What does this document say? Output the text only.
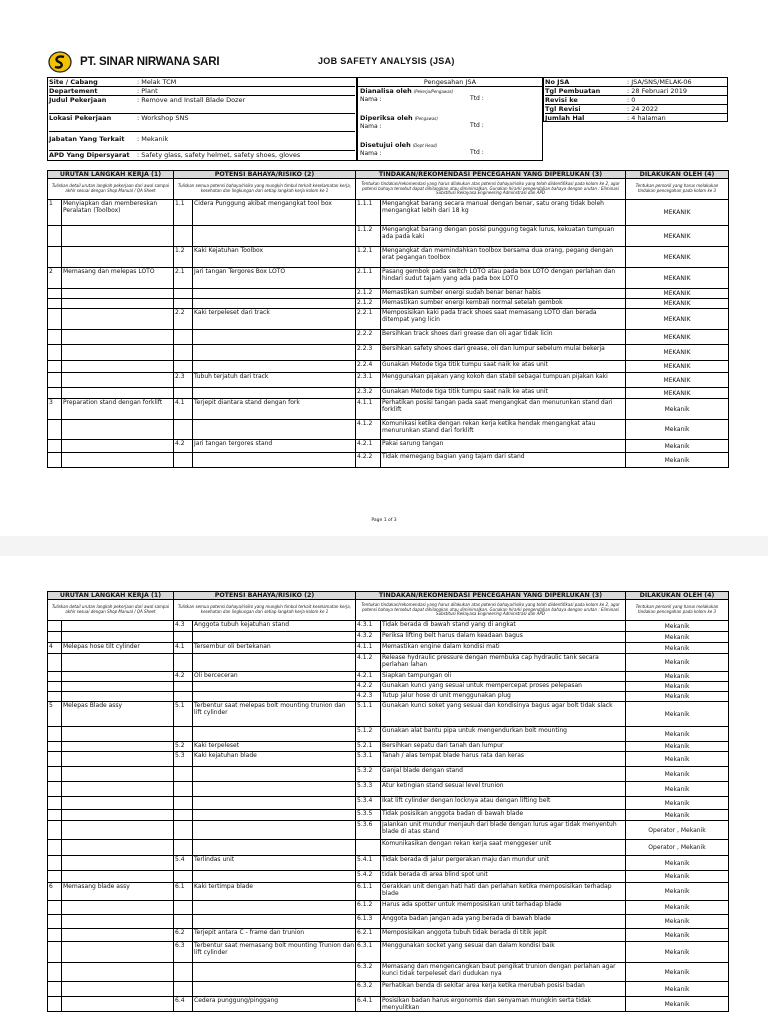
PT. SINAR NIRWANA SARI	JOB SAFETY ANALYSIS (JSA)
Site / Cabang	: Melak TCM
Departement	: Plant
Judul Pekerjaan	: Remove and Install Blade Dozer
Lokasi Pekerjaan	: Workshop SNS
Jabatan Yang Terkait : Mekanik
APD Yang Dipersyarat : Safety glass, safety helmet, safety shoes, gloves
Pengesahan JSA
Dianalisa oleh (Pekerja/Pengawas)
Nama :	Ttd :
Diperiksa oleh (Pengawas)
Nama :	Ttd :
Disetujui oleh (Dept Head)
Nama :	Ttd :
No JSA	: JSA/SNS/MELAK-06
Tgl Pembuatan	: 28 Februari 2019
Revisi ke	: 0
Tgl Revisi	: 24 2022
Jumlah Hal	: 4 halaman
URUTAN LANGKAH KERJA (1)		POTENSI BAHAYA/RISIKO (2)		TINDAKAN/REKOMENDASI PENCEGAHAN YANG DIPERLUKAN (3)		DILAKUKAN OLEH (4)
Tuliskan detail urutan langkah pekerjaan dari awal sampai akhir sesuai dengan Shop Manual / QA Sheet		Tuliskan semua potensi bahaya/risiko yang mungkin timbul terkait keselamatan kerja, kesehatan dan lingkungan dari setiap langkah kerja kolom ke 1		Tentukan tindakan/rekomendasi yang harus dilakukan atas potensi bahaya/risiko yang telah diidentifikasi pada kolom ke 2, agar potensi bahaya tersebut dapat dihilangkan atau diminimalkan. Gunakan hirarki pengendalian bahaya dengan urutan : Eliminasi Substitusi Rekayasa Engineering Adminstrasi dan APD		Tentukan personil yang harus melakukan tindakan pencegahan pada kolom ke 3
1	Menyiapkan dan membereskan Peralatan (Toolbox)	1.1	Cidera Punggung akibat mengangkat tool box	1.1.1	Mengangkat barang secara manual dengan benar, satu orang tidak boleh mengangkat lebih dari 18 kg	MEKANIK
				1.1.2	Mengangkat barang dengan posisi punggung tegak lurus, kekuatan tumpuan ada pada kaki	MEKANIK
		1.2	Kaki Kejatuhan Toolbox	1.2.1	Mengangkat dan memindahkan toolbox bersama dua orang, pegang dengan erat pegangan toolbox	MEKANIK
2	Memasang dan melepas LOTO	2.1	Jari tangan Tergores Box LOTO	2.1.1	Pasang gembok pada switch LOTO atau pada box LOTO dengan perlahan dan hindari sudut tajam yang ada pada box LOTO	MEKANIK
				2.1.2	Memastikan sumber energi sudah benar benar habis	MEKANIK
				2.1.2	Memastikan sumber energi kembali normal setelah gembok	MEKANIK
		2.2	Kaki terpeleset dari track	2.2.1	Memposisikan kaki pada track shoes saat memasang LOTO dan berada ditempat yang licin	MEKANIK
				2.2.2	Bersihkan track shoes dari grease dan oli agar tidak licin	MEKANIK
				2.2.3	Bersihkan safety shoes dari grease, oli dan lumpur sebelum mulai bekerja	MEKANIK
				2.2.4	Gunakan Metode tiga titik tumpu saat naik ke atas unit	MEKANIK
		2.3	Tubuh terjatuh dari track	2.3.1	Menggunakan pijakan yang kokoh dan stabil sebagai tumpuan pijakan kaki	MEKANIK
				2.3.2	Gunakan Metode tiga titik tumpu saat naik ke atas unit	MEKANIK
3	Preparation stand dengan forklift	4.1	Terjepit diantara stand dengan fork	4.1.1	Perhatikan posisi tangan pada saat mengangkat dan menurunkan stand dari forklift	Mekanik
				4.1.2	Komunikasi ketika dengan rekan kerja ketika hendak mengangkat atau menurunkan stand dari forklift	Mekanik
		4.2	Jari tangan tergores stand	4.2.1	Pakai sarung tangan	Mekanik
				4.2.2	Tidak memegang bagian yang tajam dari stand	Mekanik
Page 1 of 3
URUTAN LANGKAH KERJA (1)		POTENSI BAHAYA/RISIKO (2)		TINDAKAN/REKOMENDASI PENCEGAHAN YANG DIPERLUKAN (3)		DILAKUKAN OLEH (4)
Tuliskan detail urutan langkah pekerjaan dari awal sampai akhir sesuai dengan Shop Manual / QA Sheet		Tuliskan semua potensi bahaya/risiko yang mungkin timbul terkait keselamatan kerja, kesehatan dan lingkungan dari setiap langkah kerja kolom ke 1		Tentukan tindakan/rekomendasi yang harus dilakukan atas potensi bahaya/risiko yang telah diidentifikasi pada kolom ke 2, agar potensi bahaya tersebut dapat dihilangkan atau diminimalkan. Gunakan hirarki pengendalian bahaya dengan urutan : Eliminasi Substitusi Rekayasa Engineering Adminstrasi dan APD		Tentukan personil yang harus melakukan tindakan pencegahan pada kolom ke 3
		4.3	Anggota tubuh kejatuhan stand	4.3.1	Tidak berada di bawah stand yang di angkat	Mekanik
				4.3.2	Periksa lifting belt harus dalam keadaan bagus	Mekanik
4	Melepas hose tilt cylinder	4.1	Tersembur oli bertekanan	4.1.1	Memastikan engine dalam kondisi mati	Mekanik
				4.1.2	Release hydraulic pressure dengan membuka cap hydraulic tank secara perlahan lahan	Mekanik
		4.2	Oli berceceran	4.2.1	Siapkan tampungan oli	Mekanik
				4.2.2	Gunakan kunci yang sesuai untuk mempercepat proses pelepasan	Mekanik
				4.2.3	Tutup jalur hose di unit menggunakan plug	Mekanik
5	Melepas Blade assy	5.1	Terbentur saat melepas bolt mounting trunion dan lift cylinder	5.1.1	Gunakan kunci soket yang sesuai dan kondisinya bagus agar bolt tidak slack	Mekanik
				5.1.2	Gunakan alat bantu pipa untuk mengendurkan bolt mounting	Mekanik
		5.2	Kaki terpeleset	5.2.1	Bersihkan sepatu dari tanah dan lumpur	Mekanik
		5.3	Kaki kejatuhan blade	5.3.1	Tanah / alas tempat blade harus rata dan keras	Mekanik
				5.3.2	Ganjal blade dengan stand	Mekanik
				5.3.3	Atur ketingian stand sesuai level trunion	Mekanik
				5.3.4	Ikat lift cylinder dengan locknya atau dengan lifting belt	Mekanik
				5.3.5	Tidak posisikan anggota badan di bawah blade	Mekanik
				5.3.6	Jalankan unit mundur menjauh dari blade dengan lurus agar tidak menyentuh blade di atas stand	Operator , Mekanik
					Komunikasikan dengan rekan kerja saat menggeser unit	Operator , Mekanik
		5.4	Terlindas unit	5.4.1	Tidak berada di jalur pergerakan maju dan mundur unit	Mekanik
				5.4.2	tidak berada di area blind spot unit	Mekanik
6	Memasang blade assy	6.1	Kaki tertimpa blade	6.1.1	Gerakkan unit dengan hati hati dan perlahan ketika memposisikan terhadap blade	Mekanik
				6.1.2	Harus ada spotter untuk memposisikan unit terhadap blade	Mekanik
				6.1.3	Anggota badan jangan ada yang berada di bawah blade	Mekanik
		6.2	Terjepit antara C - frame dan trunion	6.2.1	Memposisikan anggota tubuh tidak berada di titik jepit	Mekanik
		6.3	Terbentur saat memasang bolt mounting Trunion dan lift cylinder	6.3.1	Menggunakan socket yang sesuai dan dalam kondisi baik	Mekanik
				6.3.2	Memasang dan mengencangkan baut pengikat trunion dengan perlahan agar kunci tidak terpeleset dari dudukan nya	Mekanik
				6.3.2	Perhatikan benda di sekitar area kerja ketika merubah posisi badan	Mekanik
		6.4	Cedera punggung/pinggang	6.4.1	Posisikan badan harus ergonomis dan senyaman mungkin serta tidak menyulitkan	Mekanik
